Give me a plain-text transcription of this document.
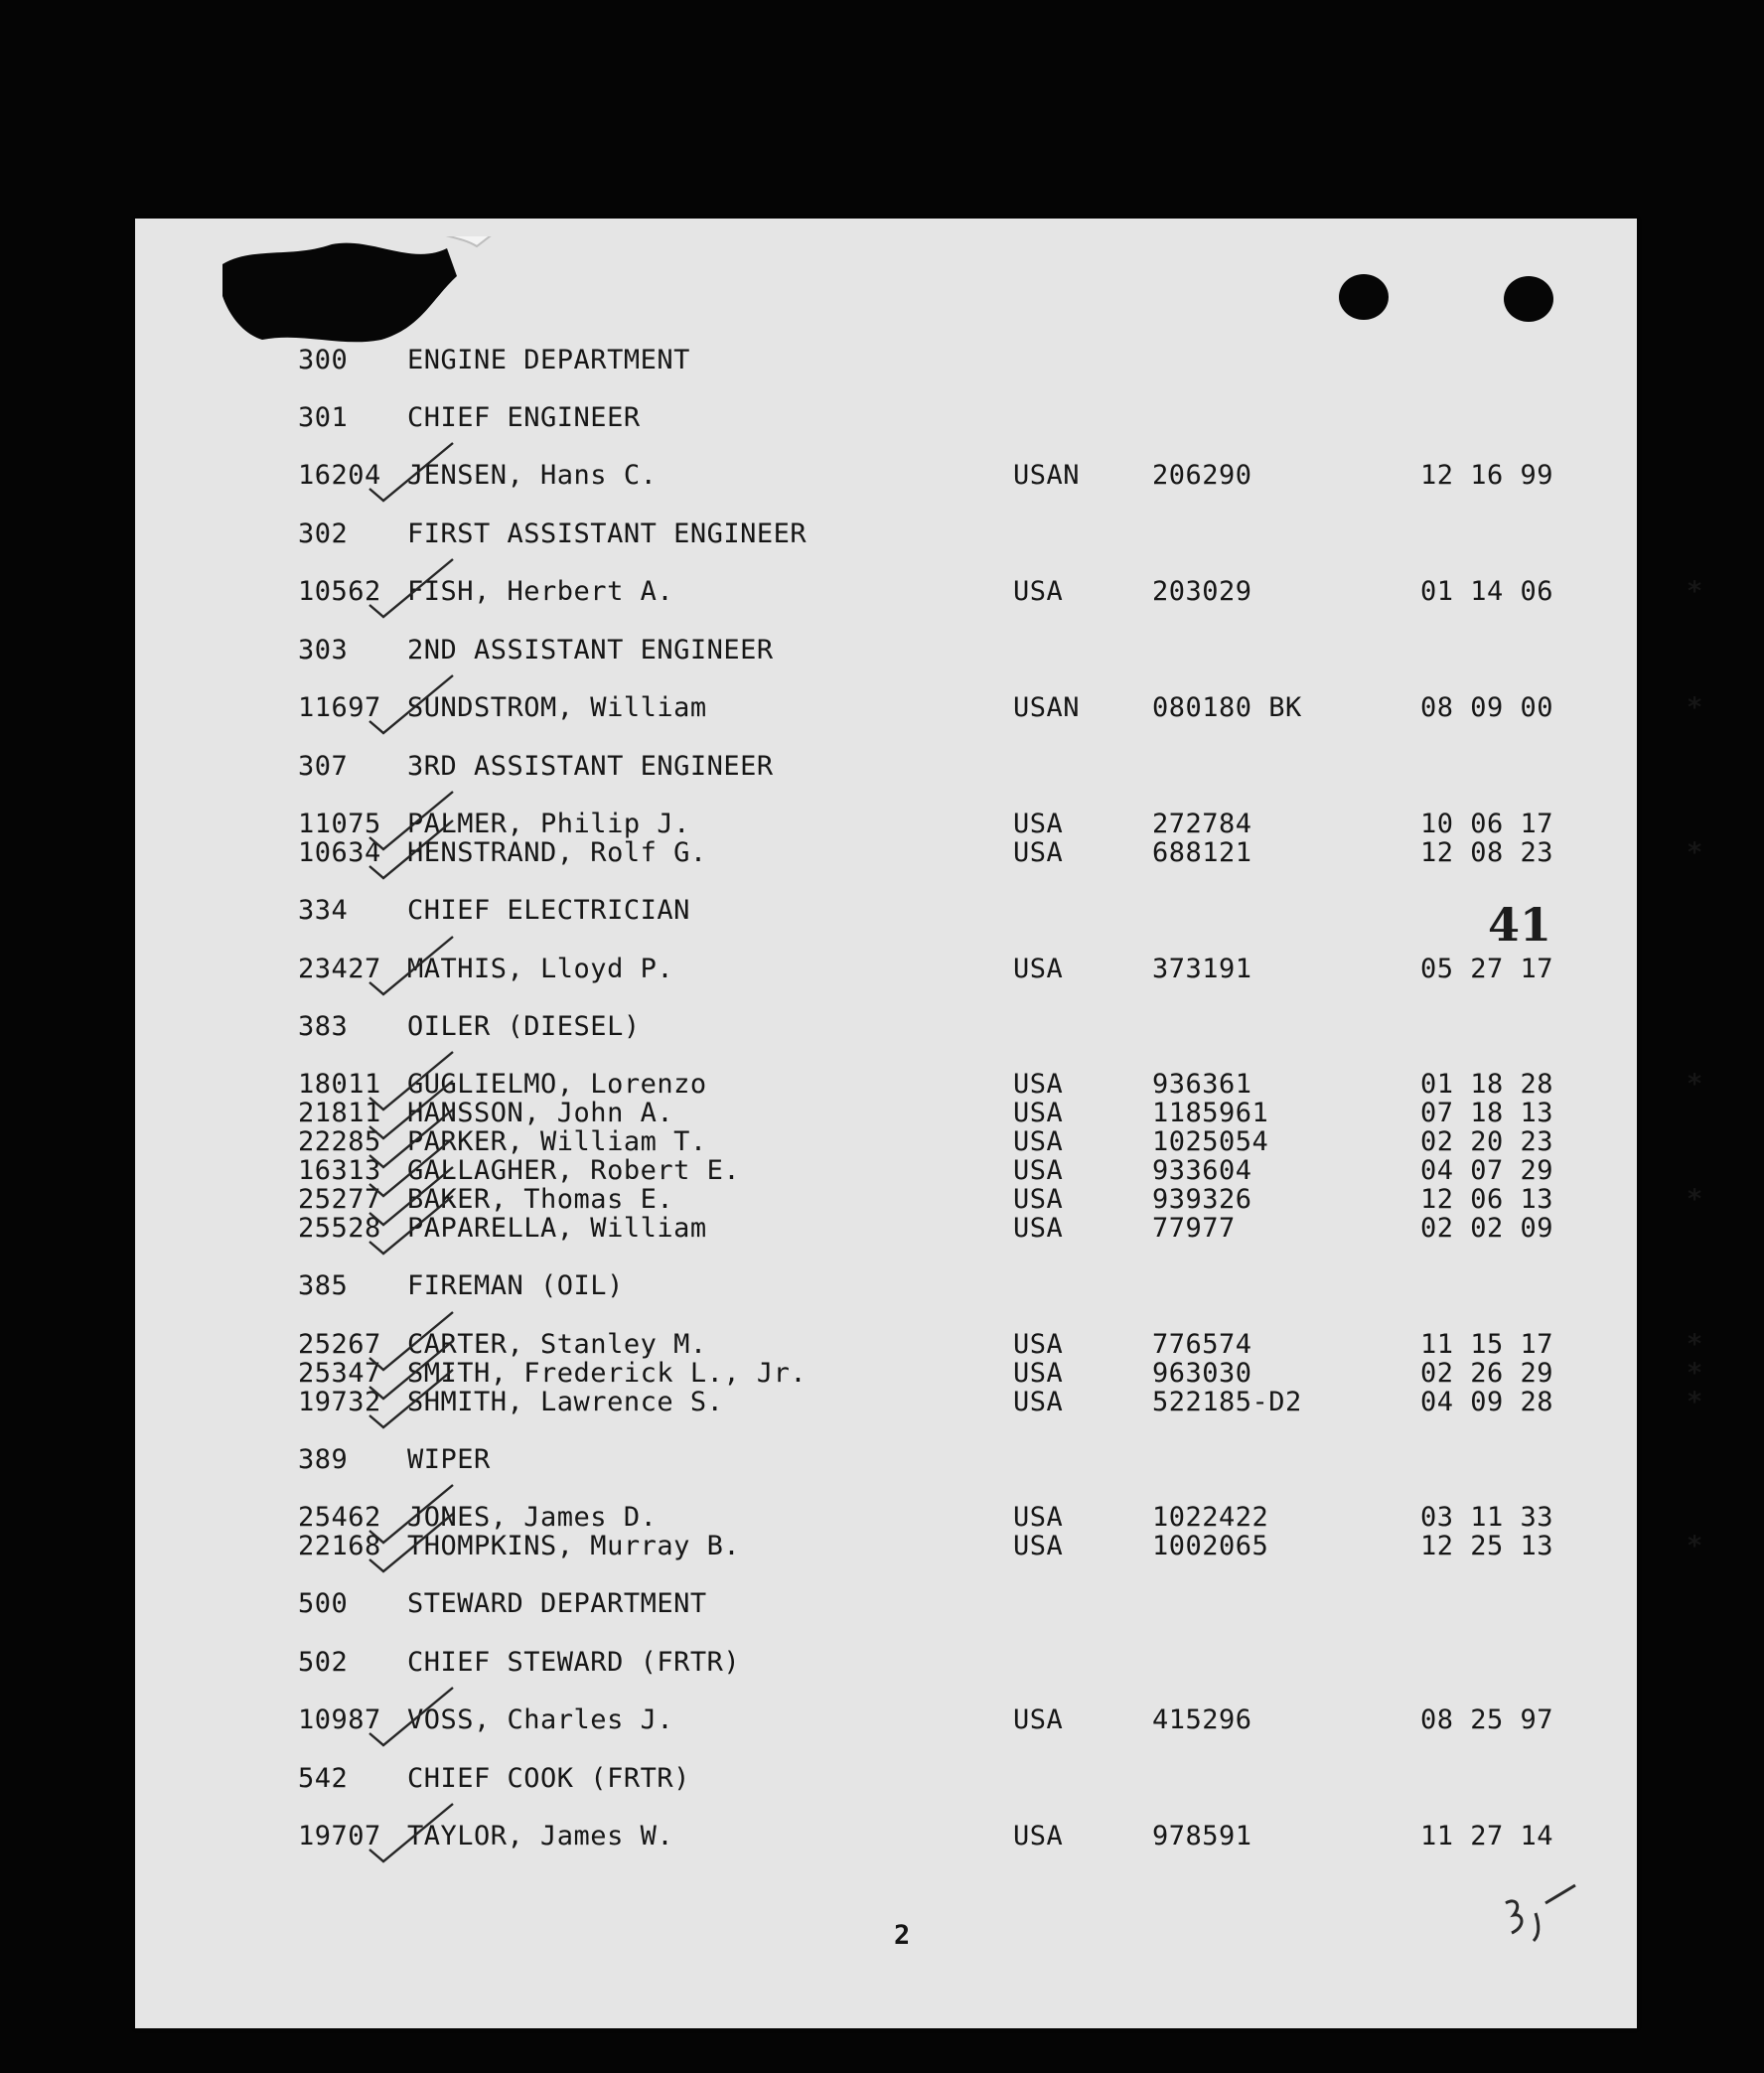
300 ENGINE DEPARTMENT
301 CHIEF ENGINEER
16204 JENSEN, Hans C.	USAN	206290	12 16 99
302 FIRST ASSISTANT ENGINEER
10562 FISH, Herbert A.	USA	203029	01 14 06	*
303 2ND ASSISTANT ENGINEER
11697 SUNDSTROM, William	USAN	080180 BK	08 09 00	*
307 3RD ASSISTANT ENGINEER
11075 PALMER, Philip J.	USA	272784	10 06 17
10634 HENSTRAND, Rolf G.	USA	688121	12 08 23	*
334 CHIEF ELECTRICIAN
23427 MATHIS, Lloyd P.	USA	373191	05 27 17
383 OILER (DIESEL)
18011 GUGLIELMO, Lorenzo	USA	936361	01 18 28	*
21811 HANSSON, John A.	USA	1185961	07 18 13
22285 PARKER, William T.	USA	1025054	02 20 23
16313 GALLAGHER, Robert E.	USA	933604	04 07 29
25277 BAKER, Thomas E.	USA	939326	12 06 13	*
25528 PAPARELLA, William	USA	77977	02 02 09
385 FIREMAN (OIL)
25267 CARTER, Stanley M.	USA	776574	11 15 17	*
25347 SMITH, Frederick L., Jr.	USA	963030	02 26 29	*
19732 SHMITH, Lawrence S.	USA	522185-D2	04 09 28	*
389 WIPER
25462 JONES, James D.	USA	1022422	03 11 33
22168 THOMPKINS, Murray B.	USA	1002065	12 25 13	*
500 STEWARD DEPARTMENT
502 CHIEF STEWARD (FRTR)
10987 VOSS, Charles J.	USA	415296	08 25 97
542 CHIEF COOK (FRTR)
19707 TAYLOR, James W.	USA	978591	11 27 14
41
2
